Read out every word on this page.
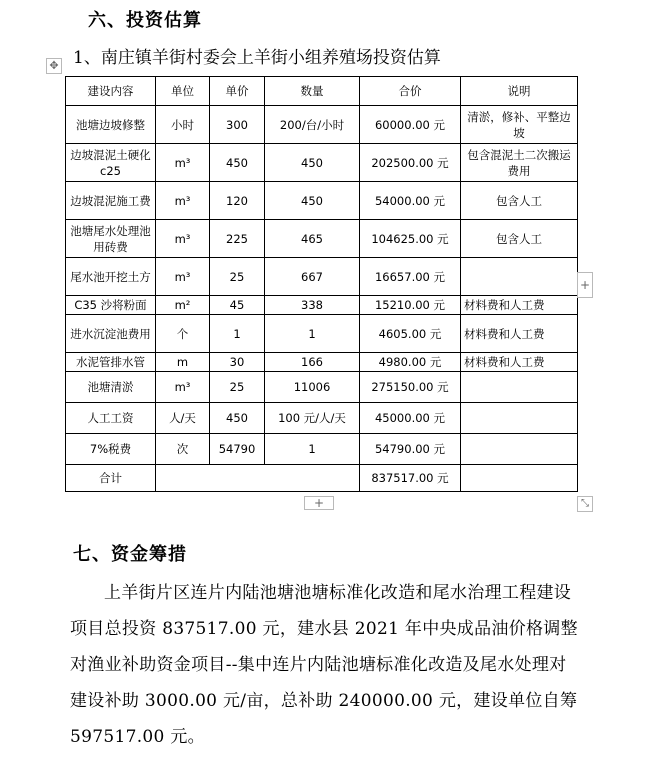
六、投资估算
1、南庄镇羊街村委会上羊街小组养殖场投资估算
✥
建设内容	单位	单价	数量	合价	说明
池塘边坡修整	小时	300	200/台/小时	60000.00 元	清淤，修补、平整边坡
边坡混泥土硬化 c25	m³	450	450	202500.00 元	包含混泥土二次搬运费用
边坡混泥施工费	m³	120	450	54000.00 元	包含人工
池塘尾水处理池用砖费	m³	225	465	104625.00 元	包含人工
尾水池开挖土方	m³	25	667	16657.00 元	
C35 沙将粉面	m²	45	338	15210.00 元	材料费和人工费
进水沉淀池费用	个	1	1	4605.00 元	材料费和人工费
水泥管排水管	m	30	166	4980.00 元	材料费和人工费
池塘清淤	m³	25	11006	275150.00 元	
人工工资	人/天	450	100 元/人/天	45000.00 元	
7%税费	次	54790	1	54790.00 元	
合计				837517.00 元	
+
+	⤡
七、资金筹措

上羊街片区连片内陆池塘池塘标准化改造和尾水治理工程建设项目总投资 837517.00 元，建水县 2021 年中央成品油价格调整对渔业补助资金项目--集中连片内陆池塘标准化改造及尾水处理对建设补助 3000.00 元/亩，总补助 240000.00 元，建设单位自筹 597517.00 元。
